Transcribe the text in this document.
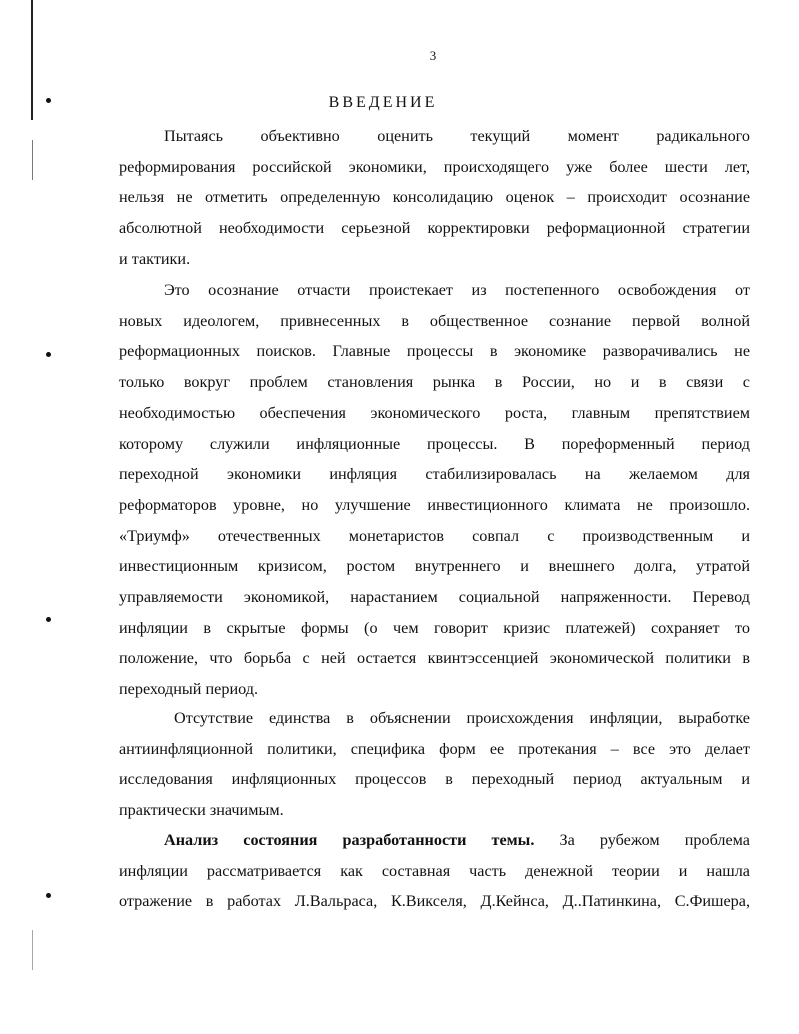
3
ВВЕДЕНИЕ

Пытаясь объективно оценить текущий момент радикального
реформирования российской экономики, происходящего уже более шести лет,
нельзя не отметить определенную консолидацию оценок – происходит осознание
абсолютной необходимости серьезной корректировки реформационной стратегии
и тактики.

Это осознание отчасти проистекает из постепенного освобождения от
новых идеологем, привнесенных в общественное сознание первой волной
реформационных поисков. Главные процессы в экономике разворачивались не
только вокруг проблем становления рынка в России, но и в связи с
необходимостью обеспечения экономического роста, главным препятствием
которому служили инфляционные процессы. В пореформенный период
переходной экономики инфляция стабилизировалась на желаемом для
реформаторов уровне, но улучшение инвестиционного климата не произошло.
«Триумф» отечественных монетаристов совпал с производственным и
инвестиционным кризисом, ростом внутреннего и внешнего долга, утратой
управляемости экономикой, нарастанием социальной напряженности. Перевод
инфляции в скрытые формы (о чем говорит кризис платежей) сохраняет то
положение, что борьба с ней остается квинтэссенцией экономической политики в
переходный период.

Отсутствие единства в объяснении происхождения инфляции, выработке
антиинфляционной политики, специфика форм ее протекания – все это делает
исследования инфляционных процессов в переходный период актуальным и
практически значимым.

Анализ состояния разработанности темы. За рубежом проблема
инфляции рассматривается как составная часть денежной теории и нашла
отражение в работах Л.Вальраса, К.Викселя, Д.Кейнса, Д..Патинкина, С.Фишера,
